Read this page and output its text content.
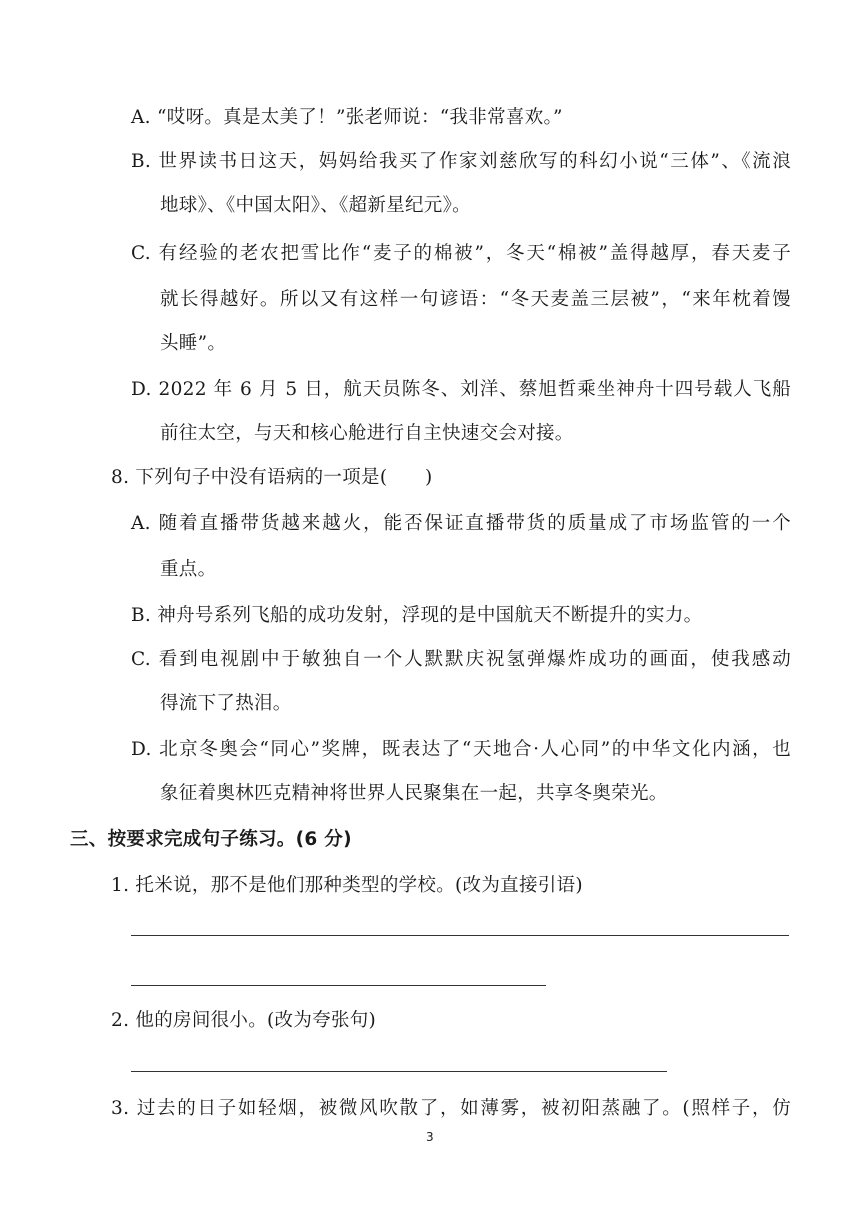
A. “哎呀。真是太美了！”张老师说：“我非常喜欢。”
B. 世界读书日这天，妈妈给我买了作家刘慈欣写的科幻小说“三体”、《流浪
地球》、《中国太阳》、《超新星纪元》。
C. 有经验的老农把雪比作“麦子的棉被”，冬天“棉被”盖得越厚，春天麦子
就长得越好。所以又有这样一句谚语：“冬天麦盖三层被”，“来年枕着馒
头睡”。
D. 2022 年 6 月 5 日，航天员陈冬、刘洋、蔡旭哲乘坐神舟十四号载人飞船
前往太空，与天和核心舱进行自主快速交会对接。
8. 下列句子中没有语病的一项是(　　)
A. 随着直播带货越来越火，能否保证直播带货的质量成了市场监管的一个
重点。
B. 神舟号系列飞船的成功发射，浮现的是中国航天不断提升的实力。
C. 看到电视剧中于敏独自一个人默默庆祝氢弹爆炸成功的画面，使我感动
得流下了热泪。
D. 北京冬奥会“同心”奖牌，既表达了“天地合·人心同”的中华文化内涵，也
象征着奥林匹克精神将世界人民聚集在一起，共享冬奥荣光。
三、按要求完成句子练习。(6 分)
1. 托米说，那不是他们那种类型的学校。(改为直接引语)
2. 他的房间很小。(改为夸张句)
3. 过去的日子如轻烟，被微风吹散了，如薄雾，被初阳蒸融了。(照样子，仿
3
